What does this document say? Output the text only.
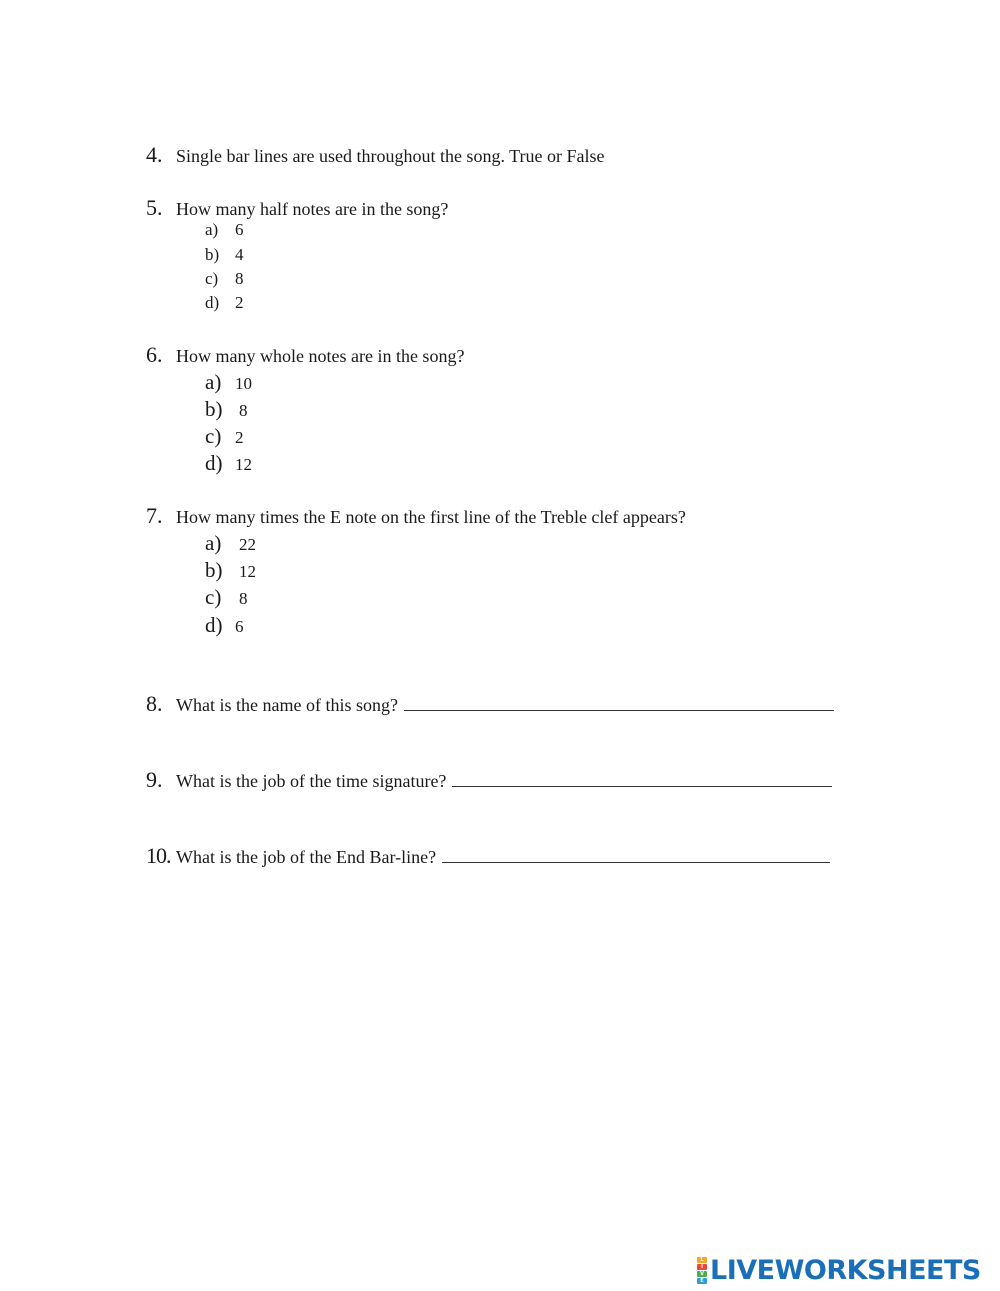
4. Single bar lines are used throughout the song. True or False
5. How many half notes are in the song?
a) 6
b) 4
c) 8
d) 2
6. How many whole notes are in the song?
a) 10
b) 8
c) 2
d) 12
7. How many times the E note on the first line of the Treble clef appears?
a) 22
b) 12
c) 8
d) 6
8. What is the name of this song?
9. What is the job of the time signature?
10. What is the job of the End Bar-line?
L
I
V
E LIVEWORKSHEETS
